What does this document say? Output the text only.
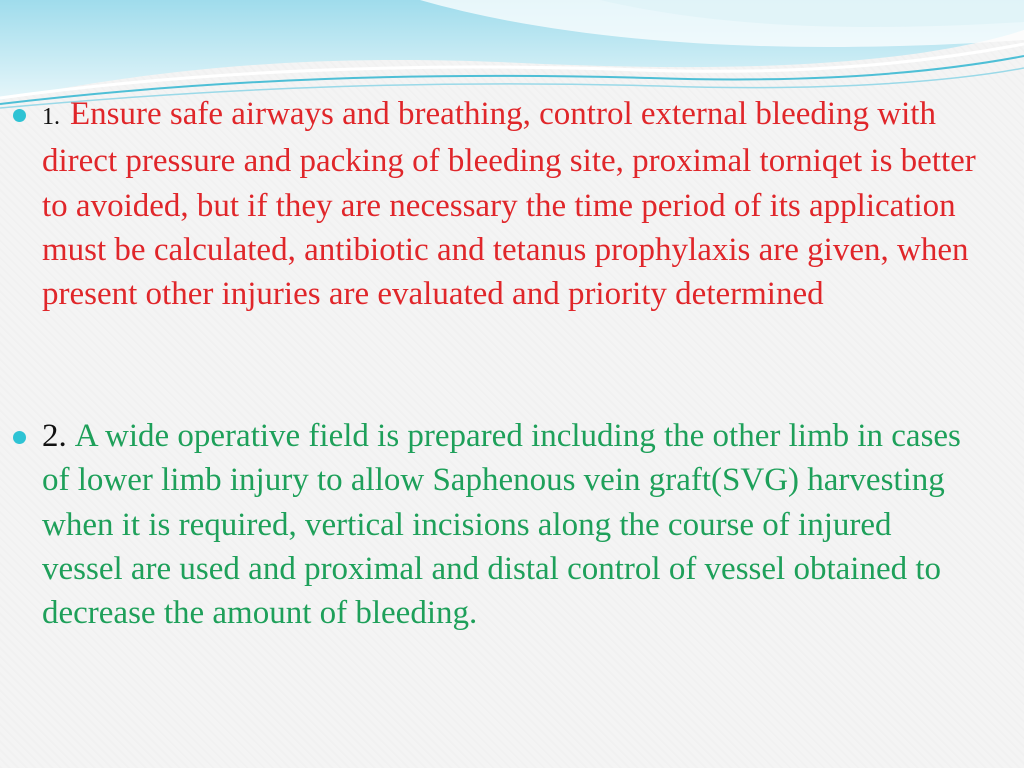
1. Ensure safe airways and breathing, control external bleeding with direct pressure and packing of bleeding site, proximal torniqet is better to avoided, but if they are necessary the time period of its application must be calculated, antibiotic and tetanus prophylaxis are given, when present other injuries are evaluated and priority determined
2. A wide operative field is prepared including the other limb in cases of lower limb injury to allow Saphenous vein graft(SVG) harvesting when it is required, vertical incisions along the course of injured vessel are used and proximal and distal control of vessel obtained to decrease the amount of bleeding.
